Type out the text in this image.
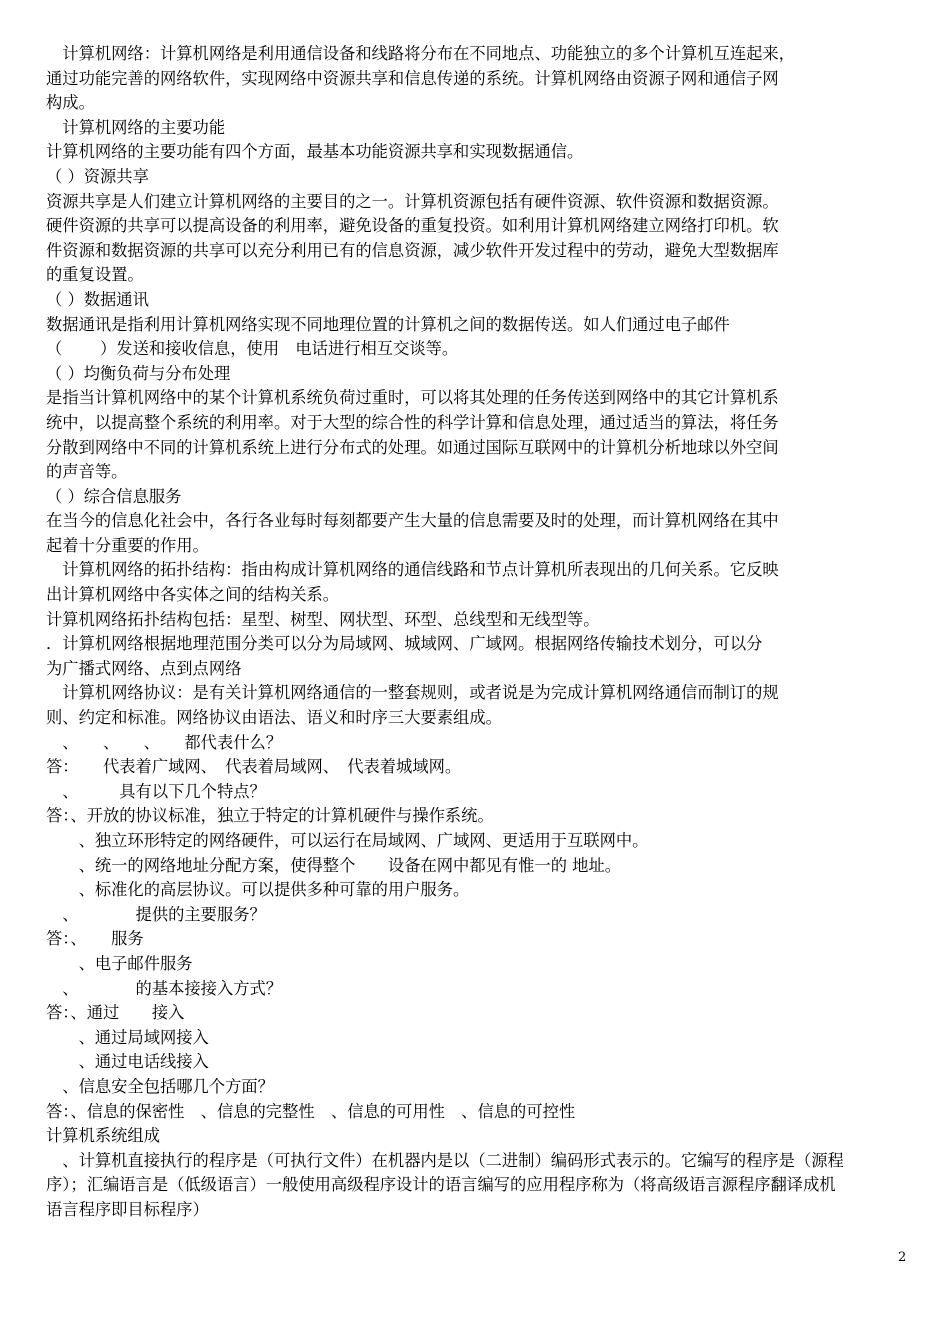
　计算机网络：计算机网络是利用通信设备和线路将分布在不同地点、功能独立的多个计算机互连起来，
通过功能完善的网络软件，实现网络中资源共享和信息传递的系统。计算机网络由资源子网和通信子网
构成。
　计算机网络的主要功能
计算机网络的主要功能有四个方面，最基本功能资源共享和实现数据通信。
（ ）资源共享
资源共享是人们建立计算机网络的主要目的之一。计算机资源包括有硬件资源、软件资源和数据资源。
硬件资源的共享可以提高设备的利用率，避免设备的重复投资。如利用计算机网络建立网络打印机。软
件资源和数据资源的共享可以充分利用已有的信息资源，减少软件开发过程中的劳动，避免大型数据库
的重复设置。
（ ）数据通讯
数据通讯是指利用计算机网络实现不同地理位置的计算机之间的数据传送。如人们通过电子邮件
（　　 ）发送和接收信息，使用　电话进行相互交谈等。
（ ）均衡负荷与分布处理
是指当计算机网络中的某个计算机系统负荷过重时，可以将其处理的任务传送到网络中的其它计算机系
统中，以提高整个系统的利用率。对于大型的综合性的科学计算和信息处理，通过适当的算法，将任务
分散到网络中不同的计算机系统上进行分布式的处理。如通过国际互联网中的计算机分析地球以外空间
的声音等。
（ ）综合信息服务
在当今的信息化社会中，各行各业每时每刻都要产生大量的信息需要及时的处理，而计算机网络在其中
起着十分重要的作用。
　计算机网络的拓扑结构：指由构成计算机网络的通信线路和节点计算机所表现出的几何关系。它反映
出计算机网络中各实体之间的结构关系。
计算机网络拓扑结构包括：星型、树型、网状型、环型、总线型和无线型等。
．计算机网络根据地理范围分类可以分为局域网、城域网、广域网。根据网络传输技术划分，可以分
为广播式网络、点到点网络
　计算机网络协议：是有关计算机网络通信的一整套规则，或者说是为完成计算机网络通信而制订的规
则、约定和标准。网络协议由语法、语义和时序三大要素组成。
　、　　、　　、　　都代表什么？
答：　　代表着广域网、　代表着局域网、　代表着城域网。
　、　　　具有以下几个特点？
答：、开放的协议标准，独立于特定的计算机硬件与操作系统。
　　、独立环形特定的网络硬件，可以运行在局域网、广域网、更适用于互联网中。
　　、统一的网络地址分配方案，使得整个　　设备在网中都见有惟一的 地址。
　　、标准化的高层协议。可以提供多种可靠的用户服务。
　、　　　　提供的主要服务？
答：、　　服务
　　、电子邮件服务
　、　　　　的基本接接入方式？
答：、通过　　接入
　　、通过局域网接入
　　、通过电话线接入
　、信息安全包括哪几个方面？
答：、信息的保密性　、信息的完整性　、信息的可用性　、信息的可控性
计算机系统组成
　、计算机直接执行的程序是（可执行文件）在机器内是以（二进制）编码形式表示的。它编写的程序是（源程
序）；汇编语言是（低级语言）一般使用高级程序设计的语言编写的应用程序称为（将高级语言源程序翻译成机
语言程序即目标程序）
2
